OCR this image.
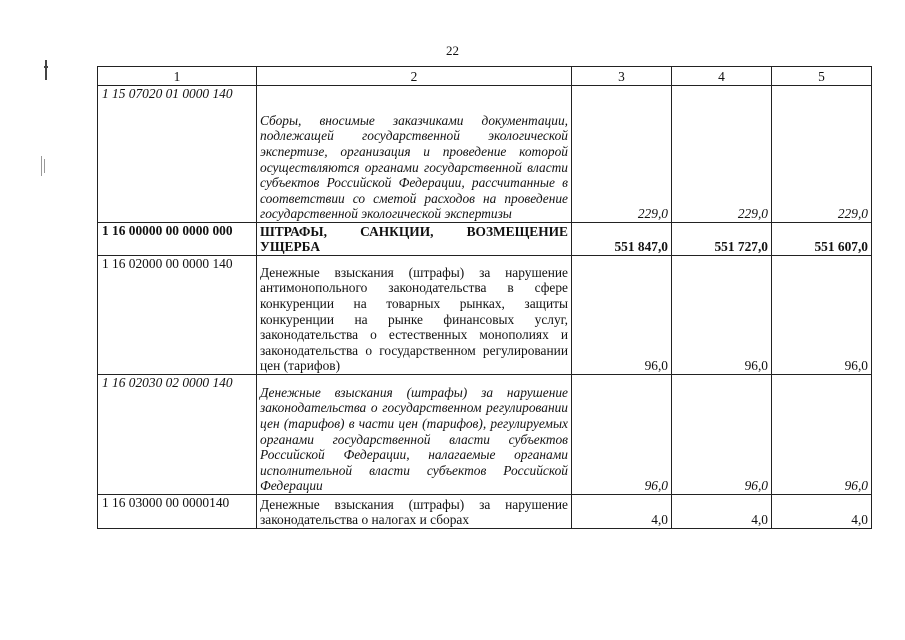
22
1	2	3	4	5
1 15 07020 01 0000 140	Сборы, вносимые заказчиками документации, подлежащей государственной экологической экспертизе, организация и проведение которой осуществляются органами государственной власти субъектов Российской Федерации, рассчитанные в соответствии со сметой расходов на проведение государственной экологической экспертизы	229,0	229,0	229,0
1 16 00000 00 0000 000	ШТРАФЫ, САНКЦИИ, ВОЗМЕЩЕНИЕ УЩЕРБА	551 847,0	551 727,0	551 607,0
1 16 02000 00 0000 140	Денежные взыскания (штрафы) за нарушение антимонопольного законодательства в сфере конкуренции на товарных рынках, защиты конкуренции на рынке финансовых услуг, законодательства о естественных монополиях и законодательства о государственном регулировании цен (тарифов)	96,0	96,0	96,0
1 16 02030 02 0000 140	Денежные взыскания (штрафы) за нарушение законодательства о государственном регулировании цен (тарифов) в части цен (тарифов), регулируемых органами государственной власти субъектов Российской Федерации, налагаемые органами исполнительной власти субъектов Российской Федерации	96,0	96,0	96,0
1 16 03000 00 0000140	Денежные взыскания (штрафы) за нарушение законодательства о налогах и сборах	4,0	4,0	4,0
